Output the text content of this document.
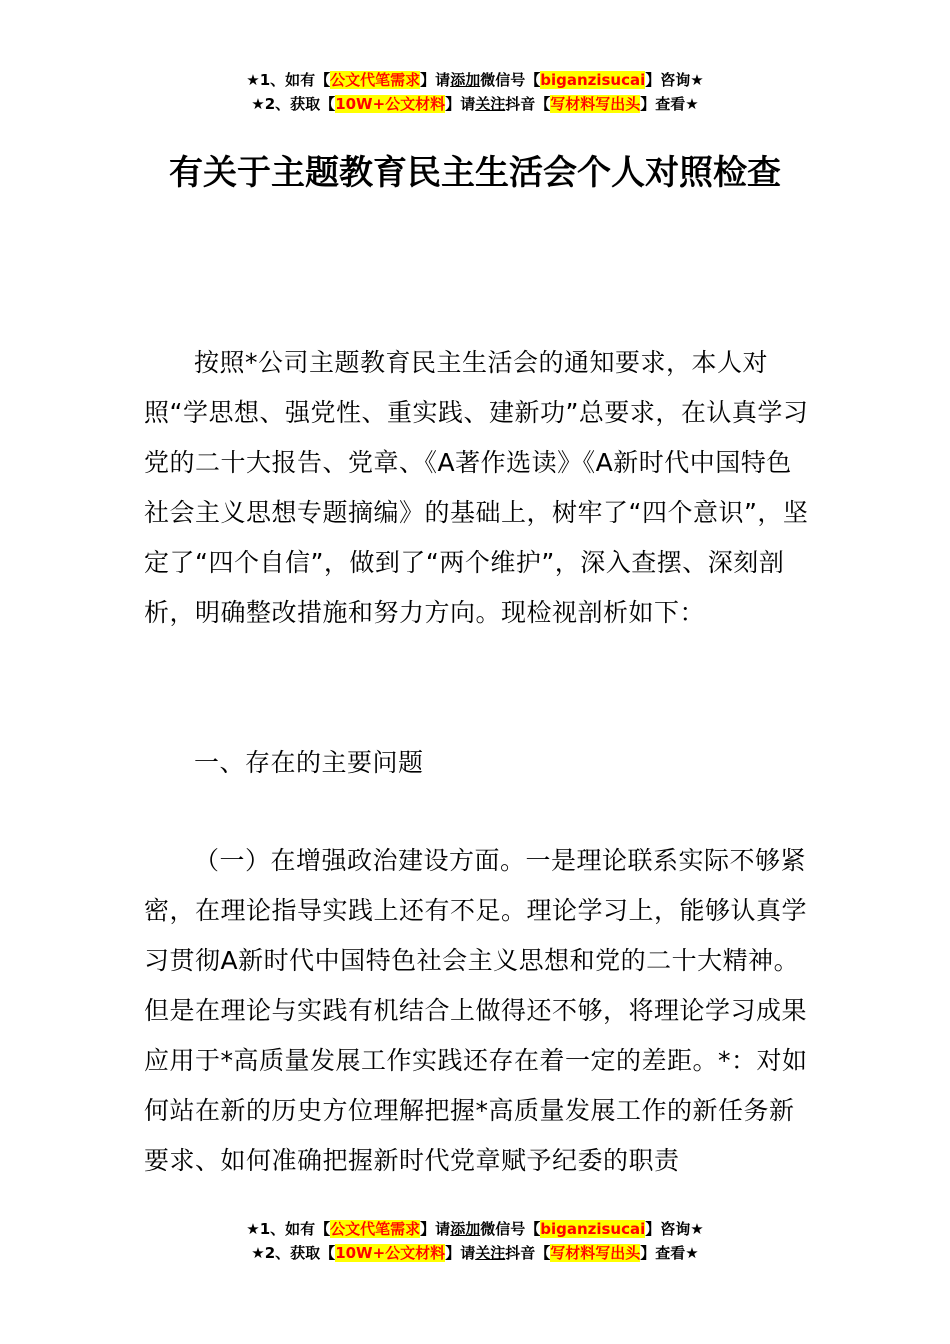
★1、如有【公文代笔需求】请添加微信号【biganzisucai】咨询★
★2、获取【10W+公文材料】请关注抖音【写材料写出头】查看★
有关于主题教育民主生活会个人对照检查

按照*公司主题教育民主生活会的通知要求，本人对照“学思想、强党性、重实践、建新功”总要求，在认真学习党的二十大报告、党章、《A著作选读》《A新时代中国特色社会主义思想专题摘编》的基础上，树牢了“四个意识”，坚定了“四个自信”，做到了“两个维护”，深入查摆、深刻剖析，明确整改措施和努力方向。现检视剖析如下：

一、存在的主要问题

（一）在增强政治建设方面。一是理论联系实际不够紧密，在理论指导实践上还有不足。理论学习上，能够认真学习贯彻A新时代中国特色社会主义思想和党的二十大精神。但是在理论与实践有机结合上做得还不够，将理论学习成果应用于*高质量发展工作实践还存在着一定的差距。*：对如何站在新的历史方位理解把握*高质量发展工作的新任务新要求、如何准确把握新时代党章赋予纪委的职责

★1、如有【公文代笔需求】请添加微信号【biganzisucai】咨询★
★2、获取【10W+公文材料】请关注抖音【写材料写出头】查看★
